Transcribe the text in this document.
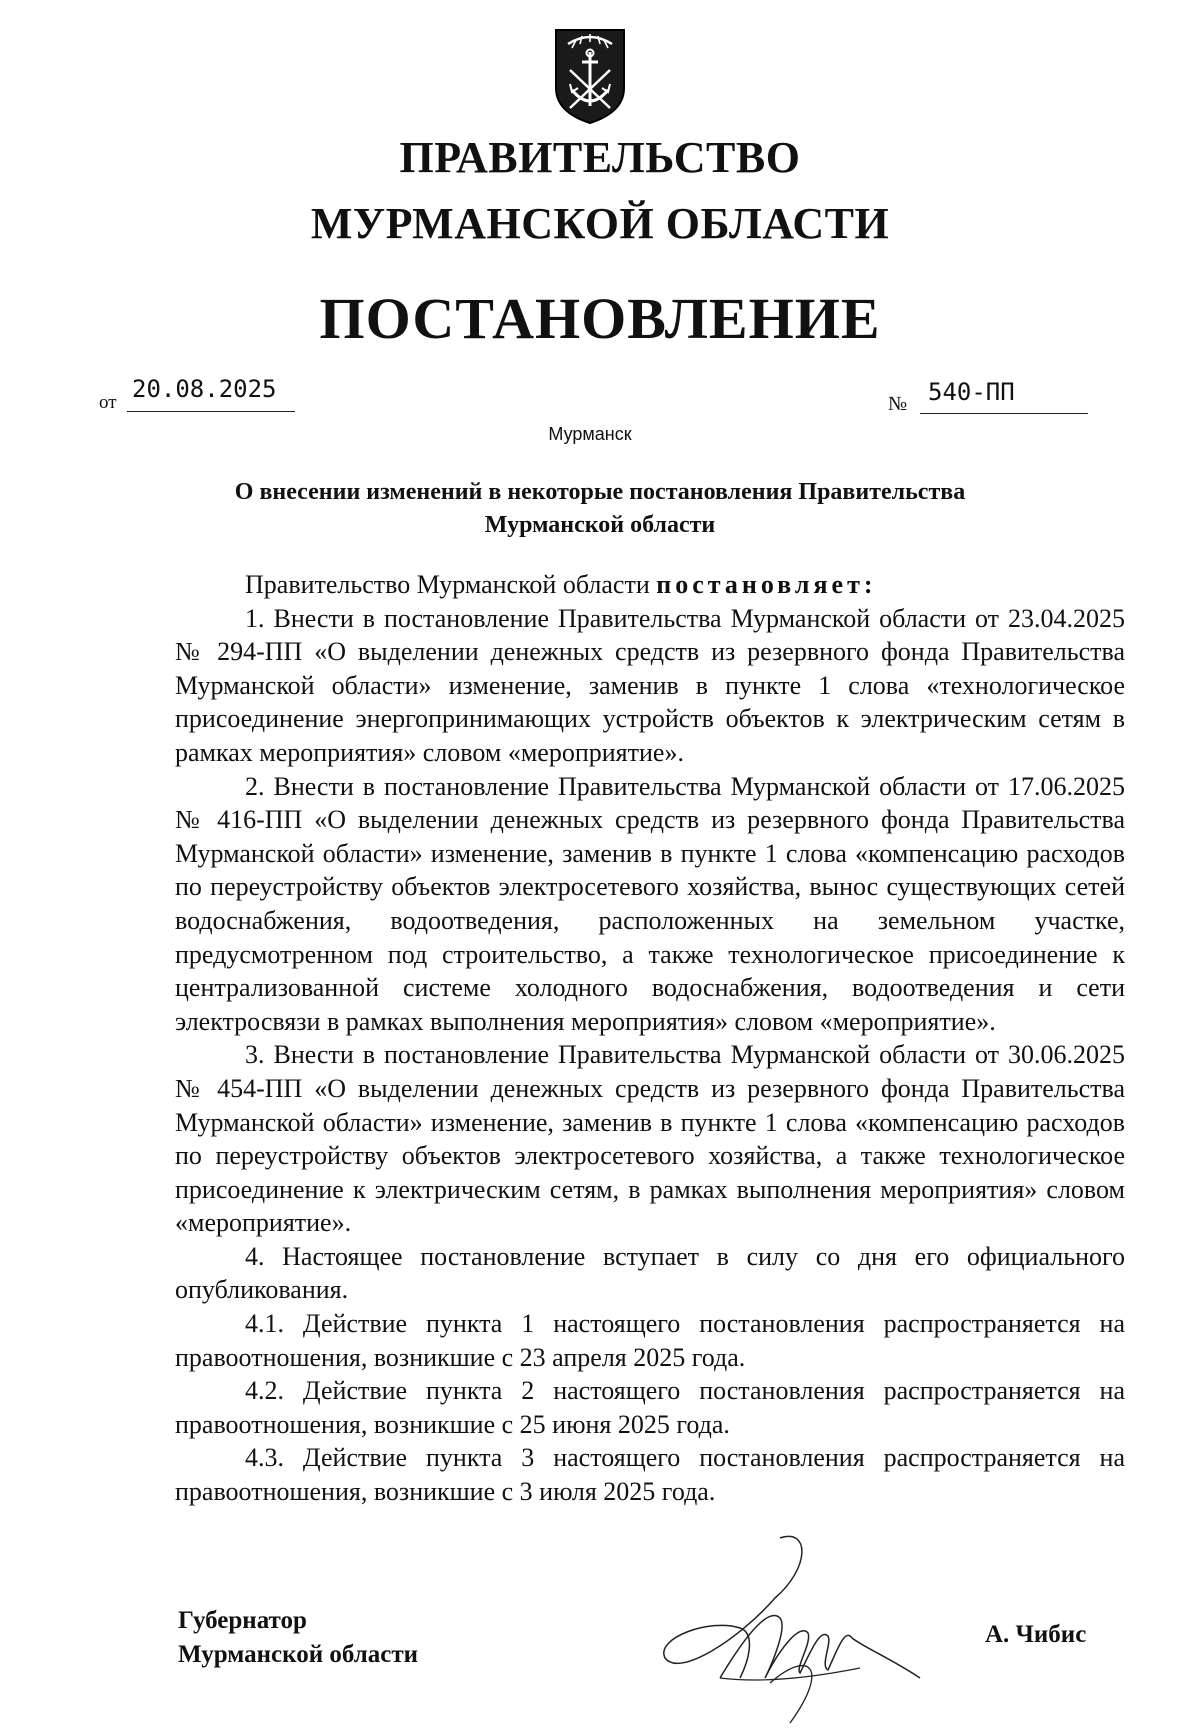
ПРАВИТЕЛЬСТВО
МУРМАНСКОЙ ОБЛАСТИ
ПОСТАНОВЛЕНИЕ
от 20.08.2025
№ 540-ПП
Мурманск
О внесении изменений в некоторые постановления Правительства
Мурманской области

Правительство Мурманской области постановляет:

1. Внести в постановление Правительства Мурманской области от 23.04.2025 № 294-ПП «О выделении денежных средств из резервного фонда Правительства Мурманской области» изменение, заменив в пункте 1 слова «технологическое присоединение энергопринимающих устройств объектов к электрическим сетям в рамках мероприятия» словом «мероприятие».

2. Внести в постановление Правительства Мурманской области от 17.06.2025 № 416-ПП «О выделении денежных средств из резервного фонда Правительства Мурманской области» изменение, заменив в пункте 1 слова «компенсацию расходов по переустройству объектов электросетевого хозяйства, вынос существующих сетей водоснабжения, водоотведения, расположенных на земельном участке, предусмотренном под строительство, а также технологическое присоединение к централизованной системе холодного водоснабжения, водоотведения и сети электросвязи в рамках выполнения мероприятия» словом «мероприятие».

3. Внести в постановление Правительства Мурманской области от 30.06.2025 № 454-ПП «О выделении денежных средств из резервного фонда Правительства Мурманской области» изменение, заменив в пункте 1 слова «компенсацию расходов по переустройству объектов электросетевого хозяйства, а также технологическое присоединение к электрическим сетям, в рамках выполнения мероприятия» словом «мероприятие».

4. Настоящее постановление вступает в силу со дня его официального опубликования.

4.1. Действие пункта 1 настоящего постановления распространяется на правоотношения, возникшие с 23 апреля 2025 года.

4.2. Действие пункта 2 настоящего постановления распространяется на правоотношения, возникшие с 25 июня 2025 года.

4.3. Действие пункта 3 настоящего постановления распространяется на правоотношения, возникшие с 3 июля 2025 года.

Губернатор
Мурманской области
А. Чибис
